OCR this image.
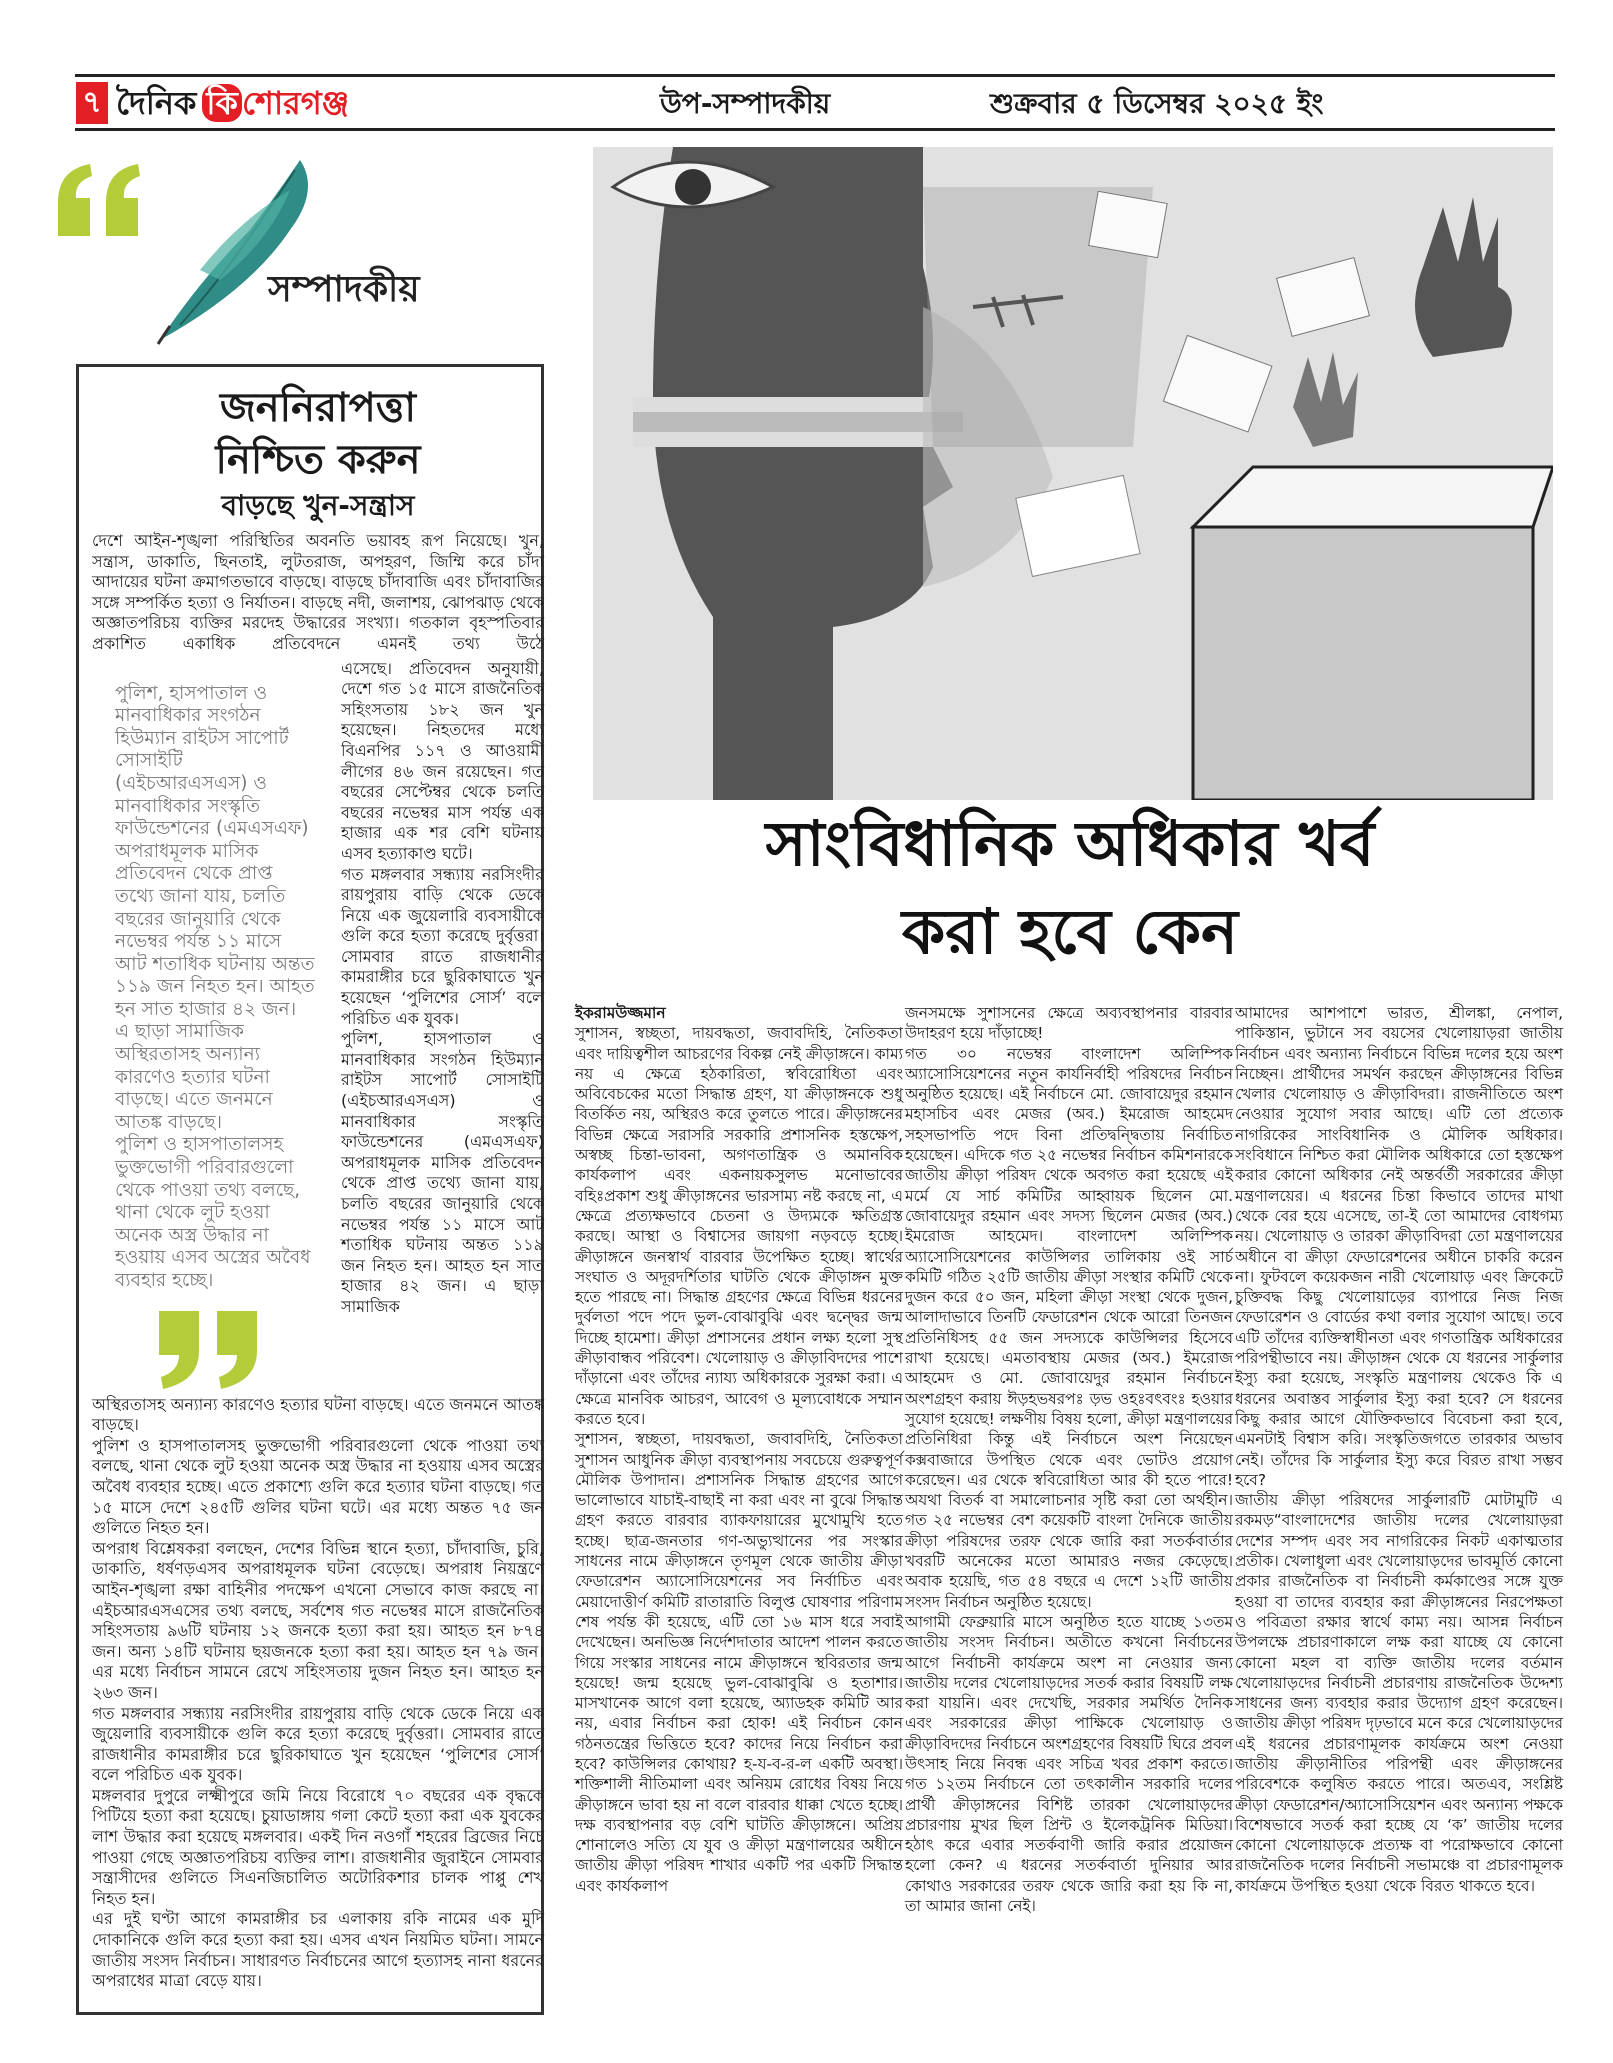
৭ দৈনিক কি শোরগঞ্জ	উপ-সম্পাদকীয়	শুক্রবার ৫ ডিসেম্বর ২০২৫ ইং
সম্পাদকীয়
জননিরাপত্তা
নিশ্চিত করুন
বাড়ছে খুন-সন্ত্রাস

দেশে আইন-শৃঙ্খলা পরিস্থিতির অবনতি ভয়াবহ রূপ নিয়েছে। খুন, সন্ত্রাস, ডাকাতি, ছিনতাই, লুটতরাজ, অপহরণ, জিম্মি করে চাঁদা আদায়ের ঘটনা ক্রমাগতভাবে বাড়ছে। বাড়ছে চাঁদাবাজি এবং চাঁদাবাজির সঙ্গে সম্পর্কিত হত্যা ও নির্যাতন। বাড়ছে নদী, জলাশয়, ঝোপঝাড় থেকে অজ্ঞাতপরিচয় ব্যক্তির মরদেহ উদ্ধারের সংখ্যা। গতকাল বৃহস্পতিবার প্রকাশিত একাধিক প্রতিবেদনে এমনই তথ্য উঠে

পুলিশ, হাসপাতাল ও মানবাধিকার সংগঠন হিউম্যান রাইটস সাপোর্ট সোসাইটি (এইচআরএসএস) ও মানবাধিকার সংস্কৃতি ফাউন্ডেশনের (এমএসএফ) অপরাধমূলক মাসিক প্রতিবেদন থেকে প্রাপ্ত তথ্যে জানা যায়, চলতি বছরের জানুয়ারি থেকে নভেম্বর পর্যন্ত ১১ মাসে আট শতাধিক ঘটনায় অন্তত ১১৯ জন নিহত হন। আহত হন সাত হাজার ৪২ জন। এ ছাড়া সামাজিক অস্থিরতাসহ অন্যান্য কারণেও হত্যার ঘটনা বাড়ছে। এতে জনমনে আতঙ্ক বাড়ছে।

পুলিশ ও হাসপাতালসহ ভুক্তভোগী পরিবারগুলো থেকে পাওয়া তথ্য বলছে, থানা থেকে লুট হওয়া অনেক অস্ত্র উদ্ধার না হওয়ায় এসব অস্ত্রের অবৈধ ব্যবহার হচ্ছে।

এসেছে। প্রতিবেদন অনুযায়ী, দেশে গত ১৫ মাসে রাজনৈতিক সহিংসতায় ১৮২ জন খুন হয়েছেন। নিহতদের মধ্যে বিএনপির ১১৭ ও আওয়ামী লীগের ৪৬ জন রয়েছেন। গত বছরের সেপ্টেম্বর থেকে চলতি বছরের নভেম্বর মাস পর্যন্ত এক হাজার এক শর বেশি ঘটনায় এসব হত্যাকাণ্ড ঘটে।

গত মঙ্গলবার সন্ধ্যায় নরসিংদীর রায়পুরায় বাড়ি থেকে ডেকে নিয়ে এক জুয়েলারি ব্যবসায়ীকে গুলি করে হত্যা করেছে দুর্বৃত্তরা। সোমবার রাতে রাজধানীর কামরাঙ্গীর চরে ছুরিকাঘাতে খুন হয়েছেন ‘পুলিশের সোর্স’ বলে পরিচিত এক যুবক।

পুলিশ, হাসপাতাল ও মানবাধিকার সংগঠন হিউম্যান রাইটস সাপোর্ট সোসাইটি (এইচআরএসএস) ও মানবাধিকার সংস্কৃতি ফাউন্ডেশনের (এমএসএফ) অপরাধমূলক মাসিক প্রতিবেদন থেকে প্রাপ্ত তথ্যে জানা যায়, চলতি বছরের জানুয়ারি থেকে নভেম্বর পর্যন্ত ১১ মাসে আট শতাধিক ঘটনায় অন্তত ১১৯ জন নিহত হন। আহত হন সাত হাজার ৪২ জন। এ ছাড়া সামাজিক

অস্থিরতাসহ অন্যান্য কারণেও হত্যার ঘটনা বাড়ছে। এতে জনমনে আতঙ্ক বাড়ছে।

পুলিশ ও হাসপাতালসহ ভুক্তভোগী পরিবারগুলো থেকে পাওয়া তথ্য বলছে, থানা থেকে লুট হওয়া অনেক অস্ত্র উদ্ধার না হওয়ায় এসব অস্ত্রের অবৈধ ব্যবহার হচ্ছে। এতে প্রকাশ্যে গুলি করে হত্যার ঘটনা বাড়ছে। গত ১৫ মাসে দেশে ২৪৫টি গুলির ঘটনা ঘটে। এর মধ্যে অন্তত ৭৫ জন গুলিতে নিহত হন।

অপরাধ বিশ্লেষকরা বলছেন, দেশের বিভিন্ন স্থানে হত্যা, চাঁদাবাজি, চুরি, ডাকাতি, ধর্ষণড়এসব অপরাধমূলক ঘটনা বেড়েছে। অপরাধ নিয়ন্ত্রণে আইন-শৃঙ্খলা রক্ষা বাহিনীর পদক্ষেপ এখনো সেভাবে কাজ করছে না। এইচআরএসএসের তথ্য বলছে, সর্বশেষ গত নভেম্বর মাসে রাজনৈতিক সহিংসতায় ৯৬টি ঘটনায় ১২ জনকে হত্যা করা হয়। আহত হন ৮৭৪ জন। অন্য ১৪টি ঘটনায় ছয়জনকে হত্যা করা হয়। আহত হন ৭৯ জন। এর মধ্যে নির্বাচন সামনে রেখে সহিংসতায় দুজন নিহত হন। আহত হন ২৬৩ জন।

গত মঙ্গলবার সন্ধ্যায় নরসিংদীর রায়পুরায় বাড়ি থেকে ডেকে নিয়ে এক জুয়েলারি ব্যবসায়ীকে গুলি করে হত্যা করেছে দুর্বৃত্তরা। সোমবার রাতে রাজধানীর কামরাঙ্গীর চরে ছুরিকাঘাতে খুন হয়েছেন ‘পুলিশের সোর্স’ বলে পরিচিত এক যুবক।

মঙ্গলবার দুপুরে লক্ষ্মীপুরে জমি নিয়ে বিরোধে ৭০ বছরের এক বৃদ্ধকে পিটিয়ে হত্যা করা হয়েছে। চুয়াডাঙ্গায় গলা কেটে হত্যা করা এক যুবকের লাশ উদ্ধার করা হয়েছে মঙ্গলবার। একই দিন নওগাঁ শহরের ব্রিজের নিচে পাওয়া গেছে অজ্ঞাতপরিচয় ব্যক্তির লাশ। রাজধানীর জুরাইনে সোমবার সন্ত্রাসীদের গুলিতে সিএনজিচালিত অটোরিকশার চালক পাপ্পু শেখ নিহত হন।

এর দুই ঘণ্টা আগে কামরাঙ্গীর চর এলাকায় রকি নামের এক মুদি দোকানিকে গুলি করে হত্যা করা হয়। এসব এখন নিয়মিত ঘটনা। সামনে জাতীয় সংসদ নির্বাচন। সাধারণত নির্বাচনের আগে হত্যাসহ নানা ধরনের অপরাধের মাত্রা বেড়ে যায়।

সাংবিধানিক অধিকার খর্ব
করা হবে কেন
ইকরামউজ্জমান

সুশাসন, স্বচ্ছতা, দায়বদ্ধতা, জবাবদিহি, নৈতিকতা এবং দায়িত্বশীল আচরণের বিকল্প নেই ক্রীড়াঙ্গনে। কাম্য নয় এ ক্ষেত্রে হঠকারিতা, স্ববিরোধিতা এবং অবিবেচকের মতো সিদ্ধান্ত গ্রহণ, যা ক্রীড়াঙ্গনকে শুধু বিতর্কিত নয়, অস্থিরও করে তুলতে পারে। ক্রীড়াঙ্গনের বিভিন্ন ক্ষেত্রে সরাসরি সরকারি প্রশাসনিক হস্তক্ষেপ, অস্বচ্ছ চিন্তা-ভাবনা, অগণতান্ত্রিক ও অমানবিক কার্যকলাপ এবং একনায়কসুলভ মনোভাবের বহিঃপ্রকাশ শুধু ক্রীড়াঙ্গনের ভারসাম্য নষ্ট করছে না, এ ক্ষেত্রে প্রত্যক্ষভাবে চেতনা ও উদ্যমকে ক্ষতিগ্রস্ত করছে। আস্থা ও বিশ্বাসের জায়গা নড়বড়ে হচ্ছে। ক্রীড়াঙ্গনে জনস্বার্থ বারবার উপেক্ষিত হচ্ছে। স্বার্থের সংঘাত ও অদূরদর্শিতার ঘাটতি থেকে ক্রীড়াঙ্গন মুক্ত হতে পারছে না। সিদ্ধান্ত গ্রহণের ক্ষেত্রে বিভিন্ন ধরনের দুর্বলতা পদে পদে ভুল-বোঝাবুঝি এবং দ্বন্দ্বের জন্ম দিচ্ছে হামেশা। ক্রীড়া প্রশাসনের প্রধান লক্ষ্য হলো সুস্থ ক্রীড়াবান্ধব পরিবেশ। খেলোয়াড় ও ক্রীড়াবিদদের পাশে দাঁড়ানো এবং তাঁদের ন্যায্য অধিকারকে সুরক্ষা করা। এ ক্ষেত্রে মানবিক আচরণ, আবেগ ও মূল্যবোধকে সম্মান করতে হবে।

সুশাসন, স্বচ্ছতা, দায়বদ্ধতা, জবাবদিহি, নৈতিকতা সুশাসন আধুনিক ক্রীড়া ব্যবস্থাপনায় সবচেয়ে গুরুত্বপূর্ণ মৌলিক উপাদান। প্রশাসনিক সিদ্ধান্ত গ্রহণের আগে ভালোভাবে যাচাই-বাছাই না করা এবং না বুঝে সিদ্ধান্ত গ্রহণ করতে বারবার ব্যাকফায়ারের মুখোমুখি হতে হচ্ছে। ছাত্র-জনতার গণ-অভ্যুত্থানের পর সংস্কার সাধনের নামে ক্রীড়াঙ্গনে তৃণমূল থেকে জাতীয় ক্রীড়া ফেডারেশন অ্যাসোসিয়েশনের সব নির্বাচিত এবং মেয়াদোত্তীর্ণ কমিটি রাতারাতি বিলুপ্ত ঘোষণার পরিণাম শেষ পর্যন্ত কী হয়েছে, এটি তো ১৬ মাস ধরে সবাই দেখেছেন। অনভিজ্ঞ নির্দেশদাতার আদেশ পালন করতে গিয়ে সংস্কার সাধনের নামে ক্রীড়াঙ্গনে স্থবিরতার জন্ম হয়েছে! জন্ম হয়েছে ভুল-বোঝাবুঝি ও হতাশার। মাসখানেক আগে বলা হয়েছে, অ্যাডহক কমিটি আর নয়, এবার নির্বাচন করা হোক! এই নির্বাচন কোন গঠনতন্ত্রের ভিত্তিতে হবে? কাদের নিয়ে নির্বাচন করা হবে? কাউন্সিলর কোথায়? হ-য-ব-র-ল একটি অবস্থা। শক্তিশালী নীতিমালা এবং অনিয়ম রোধের বিষয় নিয়ে ক্রীড়াঙ্গনে ভাবা হয় না বলে বারবার ধাক্কা খেতে হচ্ছে। দক্ষ ব্যবস্থাপনার বড় বেশি ঘাটতি ক্রীড়াঙ্গনে। অপ্রিয় শোনালেও সত্যি যে যুব ও ক্রীড়া মন্ত্রণালয়ের অধীনে জাতীয় ক্রীড়া পরিষদ শাখার একটি পর একটি সিদ্ধান্ত এবং কার্যকলাপ

জনসমক্ষে সুশাসনের ক্ষেত্রে অব্যবস্থাপনার বারবার উদাহরণ হয়ে দাঁড়াচ্ছে!

গত ৩০ নভেম্বর বাংলাদেশ অলিম্পিক অ্যাসোসিয়েশনের নতুন কার্যনির্বাহী পরিষদের নির্বাচন অনুষ্ঠিত হয়েছে। এই নির্বাচনে মো. জোবায়েদুর রহমান মহাসচিব এবং মেজর (অব.) ইমরোজ আহমেদ সহসভাপতি পদে বিনা প্রতিদ্বন্দ্বিতায় নির্বাচিত হয়েছেন। এদিকে গত ২৫ নভেম্বর নির্বাচন কমিশনারকে জাতীয় ক্রীড়া পরিষদ থেকে অবগত করা হয়েছে এই মর্মে যে সার্চ কমিটির আহ্বায়ক ছিলেন মো. জোবায়েদুর রহমান এবং সদস্য ছিলেন মেজর (অব.) ইমরোজ আহমেদ। বাংলাদেশ অলিম্পিক অ্যাসোসিয়েশনের কাউন্সিলর তালিকায় ওই সার্চ কমিটি গঠিত ২৫টি জাতীয় ক্রীড়া সংস্থার কমিটি থেকে দুজন করে ৫০ জন, মহিলা ক্রীড়া সংস্থা থেকে দুজন, আলাদাভাবে তিনটি ফেডারেশন থেকে আরো তিনজন প্রতিনিধিসহ ৫৫ জন সদস্যকে কাউন্সিলর হিসেবে রাখা হয়েছে। এমতাবস্থায় মেজর (অব.) ইমরোজ আহমেদ ও মো. জোবায়েদুর রহমান নির্বাচনে অংশগ্রহণ করায় ঈড়হভষরপঃ ড়ভ ওহঃবৎবংঃ হওয়ার সুযোগ হয়েছে! লক্ষণীয় বিষয় হলো, ক্রীড়া মন্ত্রণালয়ের প্রতিনিধিরা কিন্তু এই নির্বাচনে অংশ নিয়েছেন কক্সবাজারে উপস্থিত থেকে এবং ভোটও প্রয়োগ করেছেন। এর থেকে স্ববিরোধিতা আর কী হতে পারে! অযথা বিতর্ক বা সমালোচনার সৃষ্টি করা তো অর্থহীন। গত ২৫ নভেম্বর বেশ কয়েকটি বাংলা দৈনিকে জাতীয় ক্রীড়া পরিষদের তরফ থেকে জারি করা সতর্কবার্তার খবরটি অনেকের মতো আমারও নজর কেড়েছে। অবাক হয়েছি, গত ৫৪ বছরে এ দেশে ১২টি জাতীয় সংসদ নির্বাচন অনুষ্ঠিত হয়েছে।

আগামী ফেব্রুয়ারি মাসে অনুষ্ঠিত হতে যাচ্ছে ১৩তম জাতীয় সংসদ নির্বাচন। অতীতে কখনো নির্বাচনের আগে নির্বাচনী কার্যক্রমে অংশ না নেওয়ার জন্য জাতীয় দলের খেলোয়াড়দের সতর্ক করার বিষয়টি লক্ষ করা যায়নি। এবং দেখেছি, সরকার সমর্থিত দৈনিক এবং সরকারের ক্রীড়া পাক্ষিকে খেলোয়াড় ও ক্রীড়াবিদদের নির্বাচনে অংশগ্রহণের বিষয়টি ঘিরে প্রবল উৎসাহ নিয়ে নিবন্ধ এবং সচিত্র খবর প্রকাশ করতে। গত ১২তম নির্বাচনে তো তৎকালীন সরকারি দলের প্রার্থী ক্রীড়াঙ্গনের বিশিষ্ট তারকা খেলোয়াড়দের প্রচারণায় মুখর ছিল প্রিন্ট ও ইলেকট্রনিক মিডিয়া। হঠাৎ করে এবার সতর্কবাণী জারি করার প্রয়োজন হলো কেন? এ ধরনের সতর্কবার্তা দুনিয়ার আর কোথাও সরকারের তরফ থেকে জারি করা হয় কি না, তা আমার জানা নেই।

আমাদের আশপাশে ভারত, শ্রীলঙ্কা, নেপাল, পাকিস্তান, ভুটানে সব বয়সের খেলোয়াড়রা জাতীয় নির্বাচন এবং অন্যান্য নির্বাচনে বিভিন্ন দলের হয়ে অংশ নিচ্ছেন। প্রার্থীদের সমর্থন করছেন ক্রীড়াঙ্গনের বিভিন্ন খেলার খেলোয়াড় ও ক্রীড়াবিদরা। রাজনীতিতে অংশ নেওয়ার সুযোগ সবার আছে। এটি তো প্রত্যেক নাগরিকের সাংবিধানিক ও মৌলিক অধিকার। সংবিধানে নিশ্চিত করা মৌলিক অধিকারে তো হস্তক্ষেপ করার কোনো অধিকার নেই অন্তর্বর্তী সরকারের ক্রীড়া মন্ত্রণালয়ের। এ ধরনের চিন্তা কিভাবে তাদের মাথা থেকে বের হয়ে এসেছে, তা-ই তো আমাদের বোধগম্য নয়। খেলোয়াড় ও তারকা ক্রীড়াবিদরা তো মন্ত্রণালয়ের অধীনে বা ক্রীড়া ফেডারেশনের অধীনে চাকরি করেন না। ফুটবলে কয়েকজন নারী খেলোয়াড় এবং ক্রিকেটে চুক্তিবদ্ধ কিছু খেলোয়াড়ের ব্যাপারে নিজ নিজ ফেডারেশন ও বোর্ডের কথা বলার সুযোগ আছে। তবে এটি তাঁদের ব্যক্তিস্বাধীনতা এবং গণতান্ত্রিক অধিকারের পরিপন্থীভাবে নয়। ক্রীড়াঙ্গন থেকে যে ধরনের সার্কুলার ইস্যু করা হয়েছে, সংস্কৃতি মন্ত্রণালয় থেকেও কি এ ধরনের অবাস্তব সার্কুলার ইস্যু করা হবে? সে ধরনের কিছু করার আগে যৌক্তিকভাবে বিবেচনা করা হবে, এমনটাই বিশ্বাস করি। সংস্কৃতিজগতে তারকার অভাব নেই। তাঁদের কি সার্কুলার ইস্যু করে বিরত রাখা সম্ভব হবে?

জাতীয় ক্রীড়া পরিষদের সার্কুলারটি মোটামুটি এ রকমড়“বাংলাদেশের জাতীয় দলের খেলোয়াড়রা দেশের সম্পদ এবং সব নাগরিকের নিকট একাত্মতার প্রতীক। খেলাধুলা এবং খেলোয়াড়দের ভাবমূর্তি কোনো প্রকার রাজনৈতিক বা নির্বাচনী কর্মকাণ্ডের সঙ্গে যুক্ত হওয়া বা তাদের ব্যবহার করা ক্রীড়াঙ্গনের নিরপেক্ষতা ও পবিত্রতা রক্ষার স্বার্থে কাম্য নয়। আসন্ন নির্বাচন উপলক্ষে প্রচারণাকালে লক্ষ করা যাচ্ছে যে কোনো কোনো মহল বা ব্যক্তি জাতীয় দলের বর্তমান খেলোয়াড়দের নির্বাচনী প্রচারণায় রাজনৈতিক উদ্দেশ্য সাধনের জন্য ব্যবহার করার উদ্যোগ গ্রহণ করেছেন। জাতীয় ক্রীড়া পরিষদ দৃঢ়ভাবে মনে করে খেলোয়াড়দের এই ধরনের প্রচারণামূলক কার্যক্রমে অংশ নেওয়া জাতীয় ক্রীড়ানীতির পরিপন্থী এবং ক্রীড়াঙ্গনের পরিবেশকে কলুষিত করতে পারে। অতএব, সংশ্লিষ্ট ক্রীড়া ফেডারেশন/অ্যাসোসিয়েশন এবং অন্যান্য পক্ষকে বিশেষভাবে সতর্ক করা হচ্ছে যে ‘ক’ জাতীয় দলের কোনো খেলোয়াড়কে প্রত্যক্ষ বা পরোক্ষভাবে কোনো রাজনৈতিক দলের নির্বাচনী সভামঞ্চে বা প্রচারণামূলক কার্যক্রমে উপস্থিত হওয়া থেকে বিরত থাকতে হবে।
